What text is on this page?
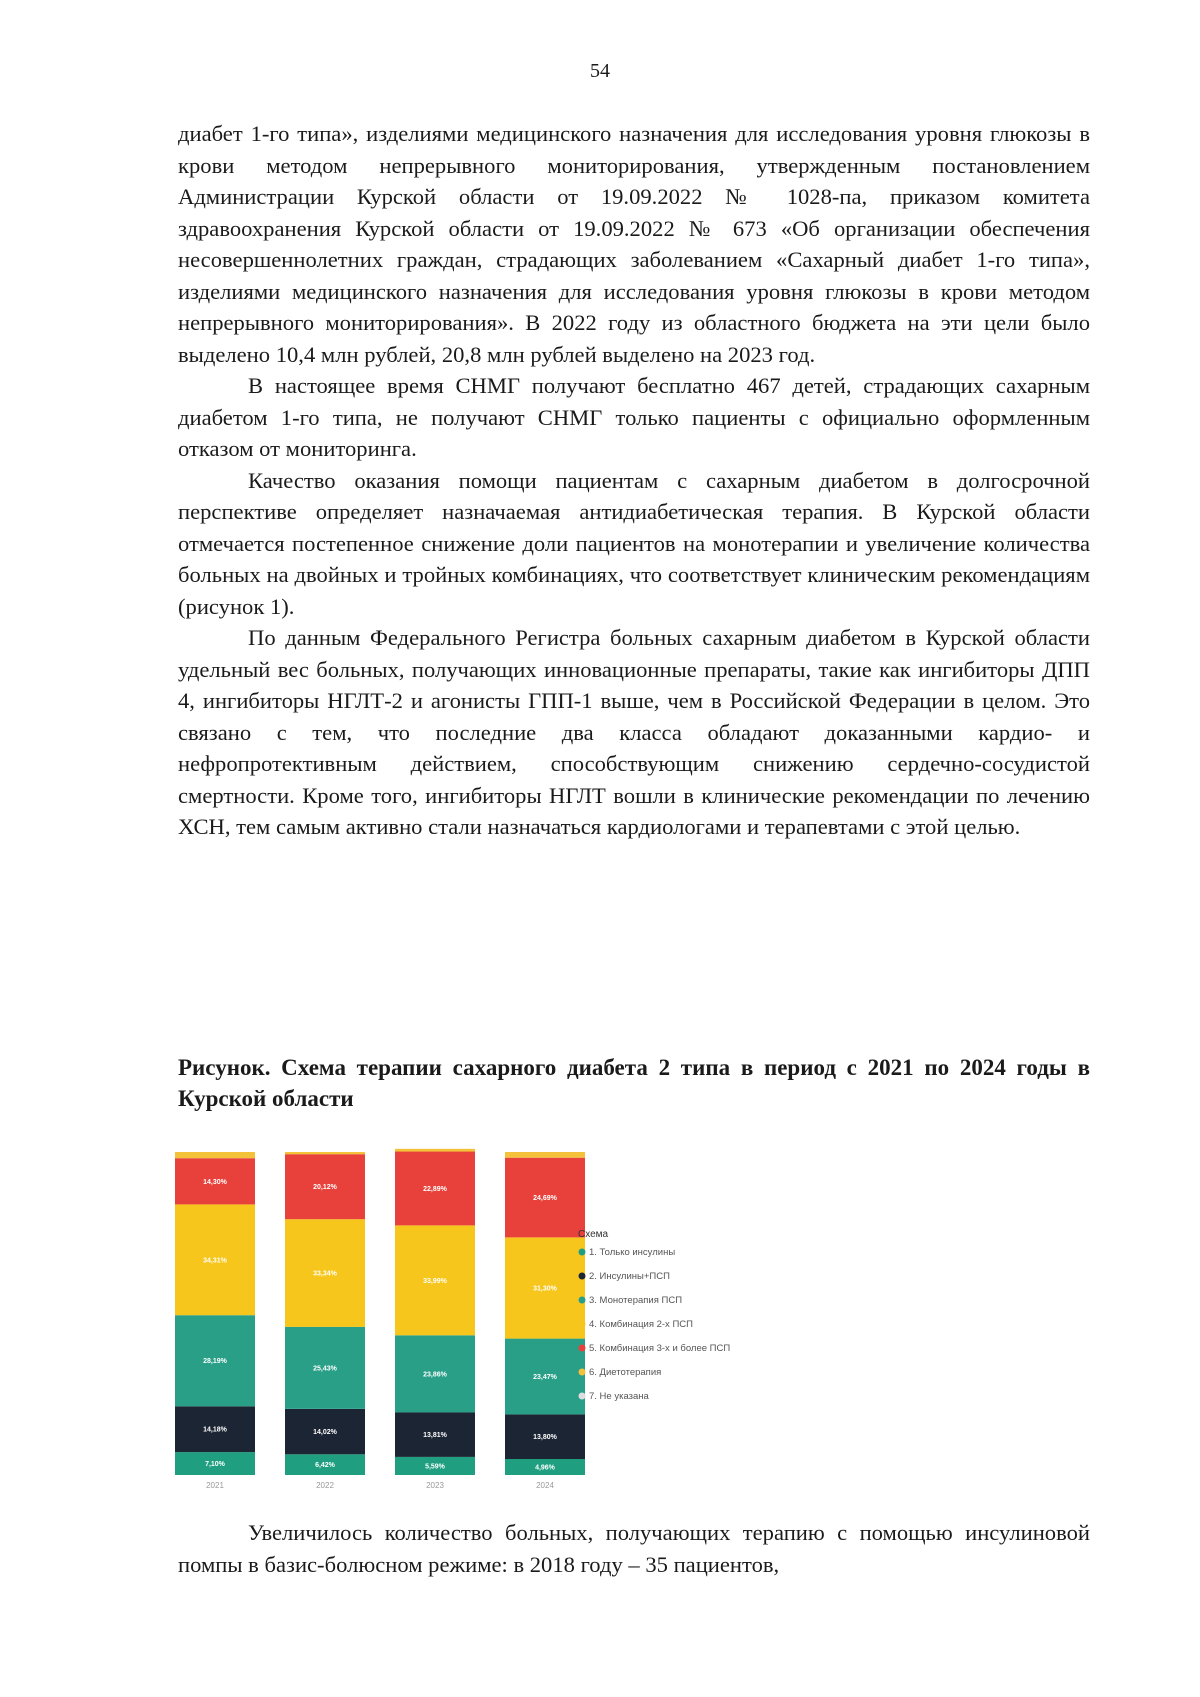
54

диабет 1-го типа», изделиями медицинского назначения для исследования уровня глюкозы в крови методом непрерывного мониторирования, утвержденным постановлением Администрации Курской области от 19.09.2022 № 1028-па, приказом комитета здравоохранения Курской области от 19.09.2022 № 673 «Об организации обеспечения несовершеннолетних граждан, страдающих заболеванием «Сахарный диабет 1-го типа», изделиями медицинского назначения для исследования уровня глюкозы в крови методом непрерывного мониторирования». В 2022 году из областного бюджета на эти цели было выделено 10,4 млн рублей, 20,8 млн рублей выделено на 2023 год.

В настоящее время СНМГ получают бесплатно 467 детей, страдающих сахарным диабетом 1-го типа, не получают СНМГ только пациенты с официально оформленным отказом от мониторинга.

Качество оказания помощи пациентам с сахарным диабетом в долгосрочной перспективе определяет назначаемая антидиабетическая терапия. В Курской области отмечается постепенное снижение доли пациентов на монотерапии и увеличение количества больных на двойных и тройных комбинациях, что соответствует клиническим рекомендациям (рисунок 1).

По данным Федерального Регистра больных сахарным диабетом в Курской области удельный вес больных, получающих инновационные препараты, такие как ингибиторы ДПП 4, ингибиторы НГЛТ-2 и агонисты ГПП-1 выше, чем в Российской Федерации в целом. Это связано с тем, что последние два класса обладают доказанными кардио- и нефропротективным действием, способствующим снижению сердечно-сосудистой смертности. Кроме того, ингибиторы НГЛТ вошли в клинические рекомендации по лечению ХСН, тем самым активно стали назначаться кардиологами и терапевтами с этой целью.

Рисунок. Схема терапии сахарного диабета 2 типа в период с 2021 по 2024 годы в Курской области
7,10%
14,18%
28,19%
34,31%
14,30%
2021
6,42%
14,02%
25,43%
33,34%
20,12%
2022
5,59%
13,81%
23,86%
33,99%
22,89%
2023
4,96%
13,80%
23,47%
31,30%
24,69%
2024
Схема
1. Только инсулины
2. Инсулины+ПСП
3. Монотерапия ПСП
4. Комбинация 2-х ПСП
5. Комбинация 3-х и более ПСП
6. Диетотерапия
7. Не указана

Увеличилось количество больных, получающих терапию с помощью инсулиновой помпы в базис-болюсном режиме: в 2018 году – 35 пациентов,
